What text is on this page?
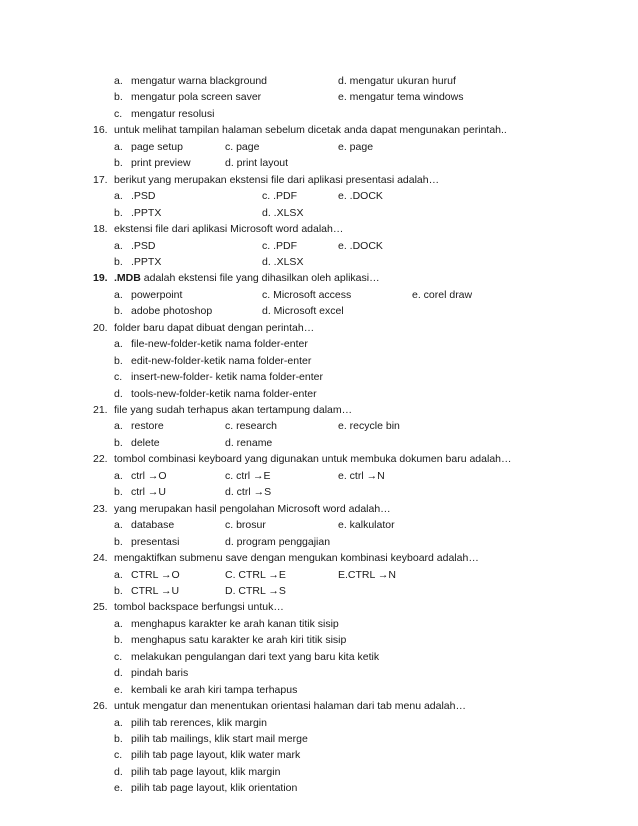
a. mengatur warna blackground	d. mengatur ukuran huruf
b. mengatur pola screen saver	e. mengatur tema windows
c. mengatur resolusi
16. untuk melihat tampilan halaman sebelum dicetak anda dapat mengunakan perintah..
a. page setup	c. page	e. page
b. print preview	d. print layout
17. berikut yang merupakan ekstensi file dari aplikasi presentasi adalah…
a. .PSD	c. .PDF	e. .DOCK
b. .PPTX	d. .XLSX
18. ekstensi file dari aplikasi Microsoft word adalah…
a. .PSD	c. .PDF	e. .DOCK
b. .PPTX	d. .XLSX
19. .MDB adalah ekstensi file yang dihasilkan oleh aplikasi…
a. powerpoint	c. Microsoft access	e. corel draw
b. adobe photoshop	d. Microsoft excel
20. folder baru dapat dibuat dengan perintah…
a. file-new-folder-ketik nama folder-enter
b. edit-new-folder-ketik nama folder-enter
c. insert-new-folder- ketik nama folder-enter
d. tools-new-folder-ketik nama folder-enter
21. file yang sudah terhapus akan tertampung dalam…
a. restore	c. research	e. recycle bin
b. delete	d. rename
22. tombol combinasi keyboard yang digunakan untuk membuka dokumen baru adalah…
a. ctrl →O	c. ctrl →E	e. ctrl →N
b. ctrl →U	d. ctrl →S
23. yang merupakan hasil pengolahan Microsoft word adalah…
a. database	c. brosur	e. kalkulator
b. presentasi	d. program penggajian
24. mengaktifkan submenu save dengan mengukan kombinasi keyboard adalah…
a. CTRL →O	C. CTRL →E	E.CTRL →N
b. CTRL →U	D. CTRL →S
25. tombol backspace berfungsi untuk…
a. menghapus karakter ke arah kanan titik sisip
b. menghapus satu karakter ke arah kiri titik sisip
c. melakukan pengulangan dari text yang baru kita ketik
d. pindah baris
e. kembali ke arah kiri tampa terhapus
26. untuk mengatur dan menentukan orientasi halaman dari tab menu adalah…
a. pilih tab rerences, klik margin
b. pilih tab mailings, klik start mail merge
c. pilih tab page layout, klik water mark
d. pilih tab page layout, klik margin
e. pilih tab page layout, klik orientation
